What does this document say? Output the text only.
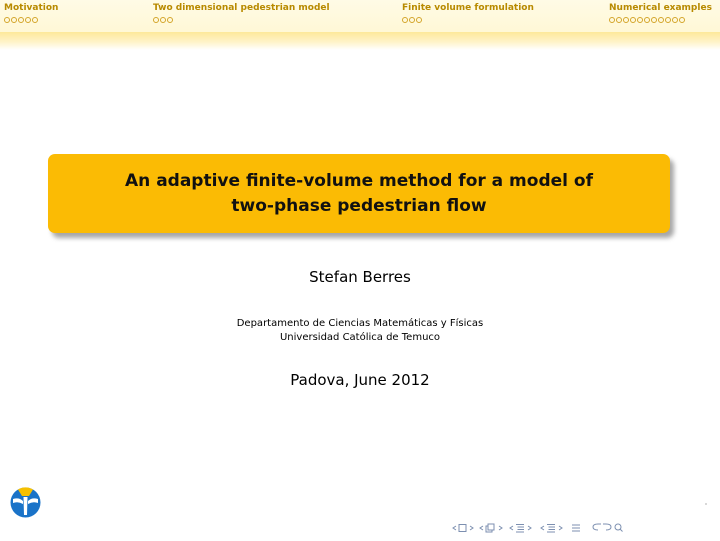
Motivation	Two dimensional pedestrian model	Finite volume formulation	Numerical examples
An adaptive finite-volume method for a model of
two-phase pedestrian flow
Stefan Berres
Departamento de Ciencias Matemáticas y Físicas
Universidad Católica de Temuco
Padova, June 2012
